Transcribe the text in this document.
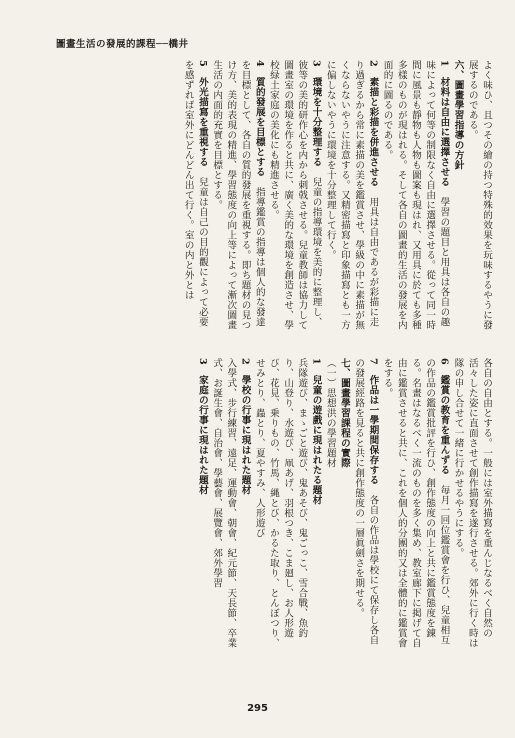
圖畫生活の發展的課程──橋井

よく味ひ、且つその繪の持つ特殊的效果を玩味するやうに發展するのである。

六、圖畫學習指導の方針

1　材料は自由に選擇させる　學習の題目と用具は各自の趣味によって何等の制限なく自由に選擇させる。從って同一時間に風景も靜物も人物も圖案も現はれ、又用具に於ても多種多樣のものが現はれる。そして各自の圖畫的生活の發展を内面的に圖るのである。

2　素描と彩描を併進させる　用具は自由であるが彩描に走り過ぎるから常に素描の美を鑑賞させ、學級の中に素描が無くならないやうに注意する。又精密描寫と印象描寫とも一方に偏しないやうに環境を十分整理して行く。

3　環境を十分整理する　兒童の指導環境を美的に整理し、彼等の美的研作心を内から刺戟させる。兒童教師は協力して圖畫室の環境を作ると共に、廣く美的な環境を創造させ、學校緑土家庭の美化にも精進させる。

4　質的發展を目標とする　指導鑑賞の指導は個人的な發達を目標として、各自の質的發展を重視する。即ち題材の見つけ方、美的表現の精進、學習態度の向上等によって漸次圖畫生活の内面的充實を目標とする。

5　外光描寫を重視する　兒童は自己の目的觀によって必要を感ずれば室外にどんどん出て行く。室の内と外とは

各自の自由とする。一般には室外描寫を重んじなるべく自然の活々した姿に直面させて創作描寫を遂行させる。郊外に行く時は隊の申し合せて一緒に行かせるやうにする。

6　鑑賞の教育を重んずる　毎月一回位鑑賞會を行ひ、兒童相互の作品の鑑賞批評を行ひ、創作態度の向上と共に鑑賞態度を錬る。名畫はなるべく一流のものを多く集め、教室廊下に掲げて自由に鑑賞させると共に、これを個人的分團的又は全體的に鑑賞會をする。

7　作品は一學期間保存する　各自の作品は學校にて保存し各自の發展經路を見ると共に創作態度の一層眞劍さを期せる。

七、圖畫學習課程の實際

（一）思想洪の學習題材

1　兒童の遊戲に現はれたる題材

兵隊遊び、まゝごと遊び、鬼あそび、鬼ごっこ、雪合戰、魚釣り、山登り、水遊び、凧あげ、羽根つき、こま廻し、お人形遊び、花見、乗りもの、竹馬、縄とび、かるた取り、とんぼつり、せみとり、蟲とり、夏やすみ、人形遊び

2　學校の行事に現はれた題材

入學式、步行練習、遠足、運動會、朝會、紀元節、天長節、卒業式、お誕生會、自治會、學藝會、展覽會、郊外學習

3　家庭の行事に現はれた題材

295
